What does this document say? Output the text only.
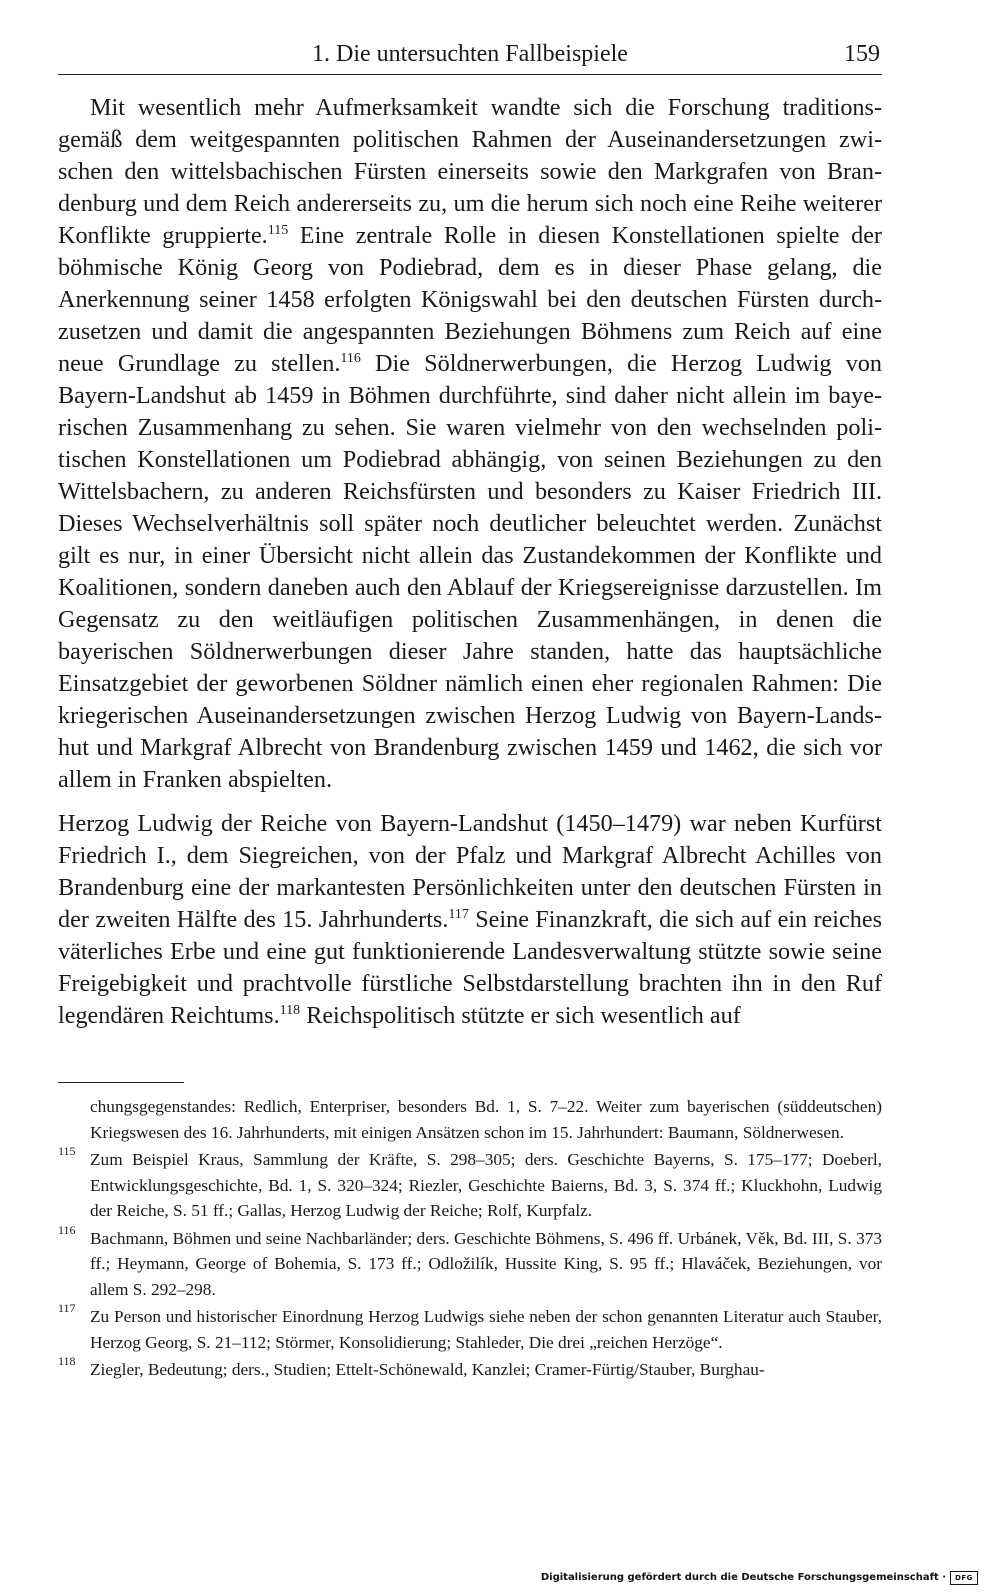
1. Die untersuchten Fallbeispiele	159

Mit wesentlich mehr Aufmerksamkeit wandte sich die Forschung traditionsgemäß dem weitgespannten politischen Rahmen der Auseinandersetzungen zwischen den wittelsbachischen Fürsten einerseits sowie den Markgrafen von Brandenburg und dem Reich andererseits zu, um die herum sich noch eine Reihe weiterer Konflikte gruppierte.$^{115}$ Eine zentrale Rolle in diesen Konstellationen spielte der böhmische König Georg von Podiebrad, dem es in dieser Phase gelang, die Anerkennung seiner 1458 erfolgten Königswahl bei den deutschen Fürsten durchzusetzen und damit die angespannten Beziehungen Böhmens zum Reich auf eine neue Grundlage zu stellen.$^{116}$ Die Söldnerwerbungen, die Herzog Ludwig von Bayern-Landshut ab 1459 in Böhmen durchführte, sind daher nicht allein im bayerischen Zusammenhang zu sehen. Sie waren vielmehr von den wechselnden politischen Konstellationen um Podiebrad abhängig, von seinen Beziehungen zu den Wittelsbachern, zu anderen Reichsfürsten und besonders zu Kaiser Friedrich III. Dieses Wechselverhältnis soll später noch deutlicher beleuchtet werden. Zunächst gilt es nur, in einer Übersicht nicht allein das Zustandekommen der Konflikte und Koalitionen, sondern daneben auch den Ablauf der Kriegsereignisse darzustellen. Im Gegensatz zu den weitläufigen politischen Zusammenhängen, in denen die bayerischen Söldnerwerbungen dieser Jahre standen, hatte das hauptsächliche Einsatzgebiet der geworbenen Söldner nämlich einen eher regionalen Rahmen: Die kriegerischen Auseinandersetzungen zwischen Herzog Ludwig von Bayern-Landshut und Markgraf Albrecht von Brandenburg zwischen 1459 und 1462, die sich vor allem in Franken abspielten.

Herzog Ludwig der Reiche von Bayern-Landshut (1450–1479) war neben Kurfürst Friedrich I., dem Siegreichen, von der Pfalz und Markgraf Albrecht Achilles von Brandenburg eine der markantesten Persönlichkeiten unter den deutschen Fürsten in der zweiten Hälfte des 15. Jahrhunderts.$^{117}$ Seine Finanzkraft, die sich auf ein reiches väterliches Erbe und eine gut funktionierende Landesverwaltung stützte sowie seine Freigebigkeit und prachtvolle fürstliche Selbstdarstellung brachten ihn in den Ruf legendären Reichtums.$^{118}$ Reichspolitisch stützte er sich wesentlich auf

chungsgegenstandes: Redlich, Enterpriser, besonders Bd. 1, S. 7–22. Weiter zum bayerischen (süddeutschen) Kriegswesen des 16. Jahrhunderts, mit einigen Ansätzen schon im 15. Jahrhundert: Baumann, Söldnerwesen.

115 Zum Beispiel Kraus, Sammlung der Kräfte, S. 298–305; ders. Geschichte Bayerns, S. 175–177; Doeberl, Entwicklungsgeschichte, Bd. 1, S. 320–324; Riezler, Geschichte Baierns, Bd. 3, S. 374 ff.; Kluckhohn, Ludwig der Reiche, S. 51 ff.; Gallas, Herzog Ludwig der Reiche; Rolf, Kurpfalz.

116 Bachmann, Böhmen und seine Nachbarländer; ders. Geschichte Böhmens, S. 496 ff. Urbánek, Věk, Bd. III, S. 373 ff.; Heymann, George of Bohemia, S. 173 ff.; Odložilík, Hussite King, S. 95 ff.; Hlaváček, Beziehungen, vor allem S. 292–298.

117 Zu Person und historischer Einordnung Herzog Ludwigs siehe neben der schon genannten Literatur auch Stauber, Herzog Georg, S. 21–112; Störmer, Konsolidierung; Stahleder, Die drei „reichen Herzöge“.

118 Ziegler, Bedeutung; ders., Studien; Ettelt-Schönewald, Kanzlei; Cramer-Fürtig/Stauber, Burghau-

Digitalisierung gefördert durch die Deutsche Forschungsgemeinschaft ·	DFG
